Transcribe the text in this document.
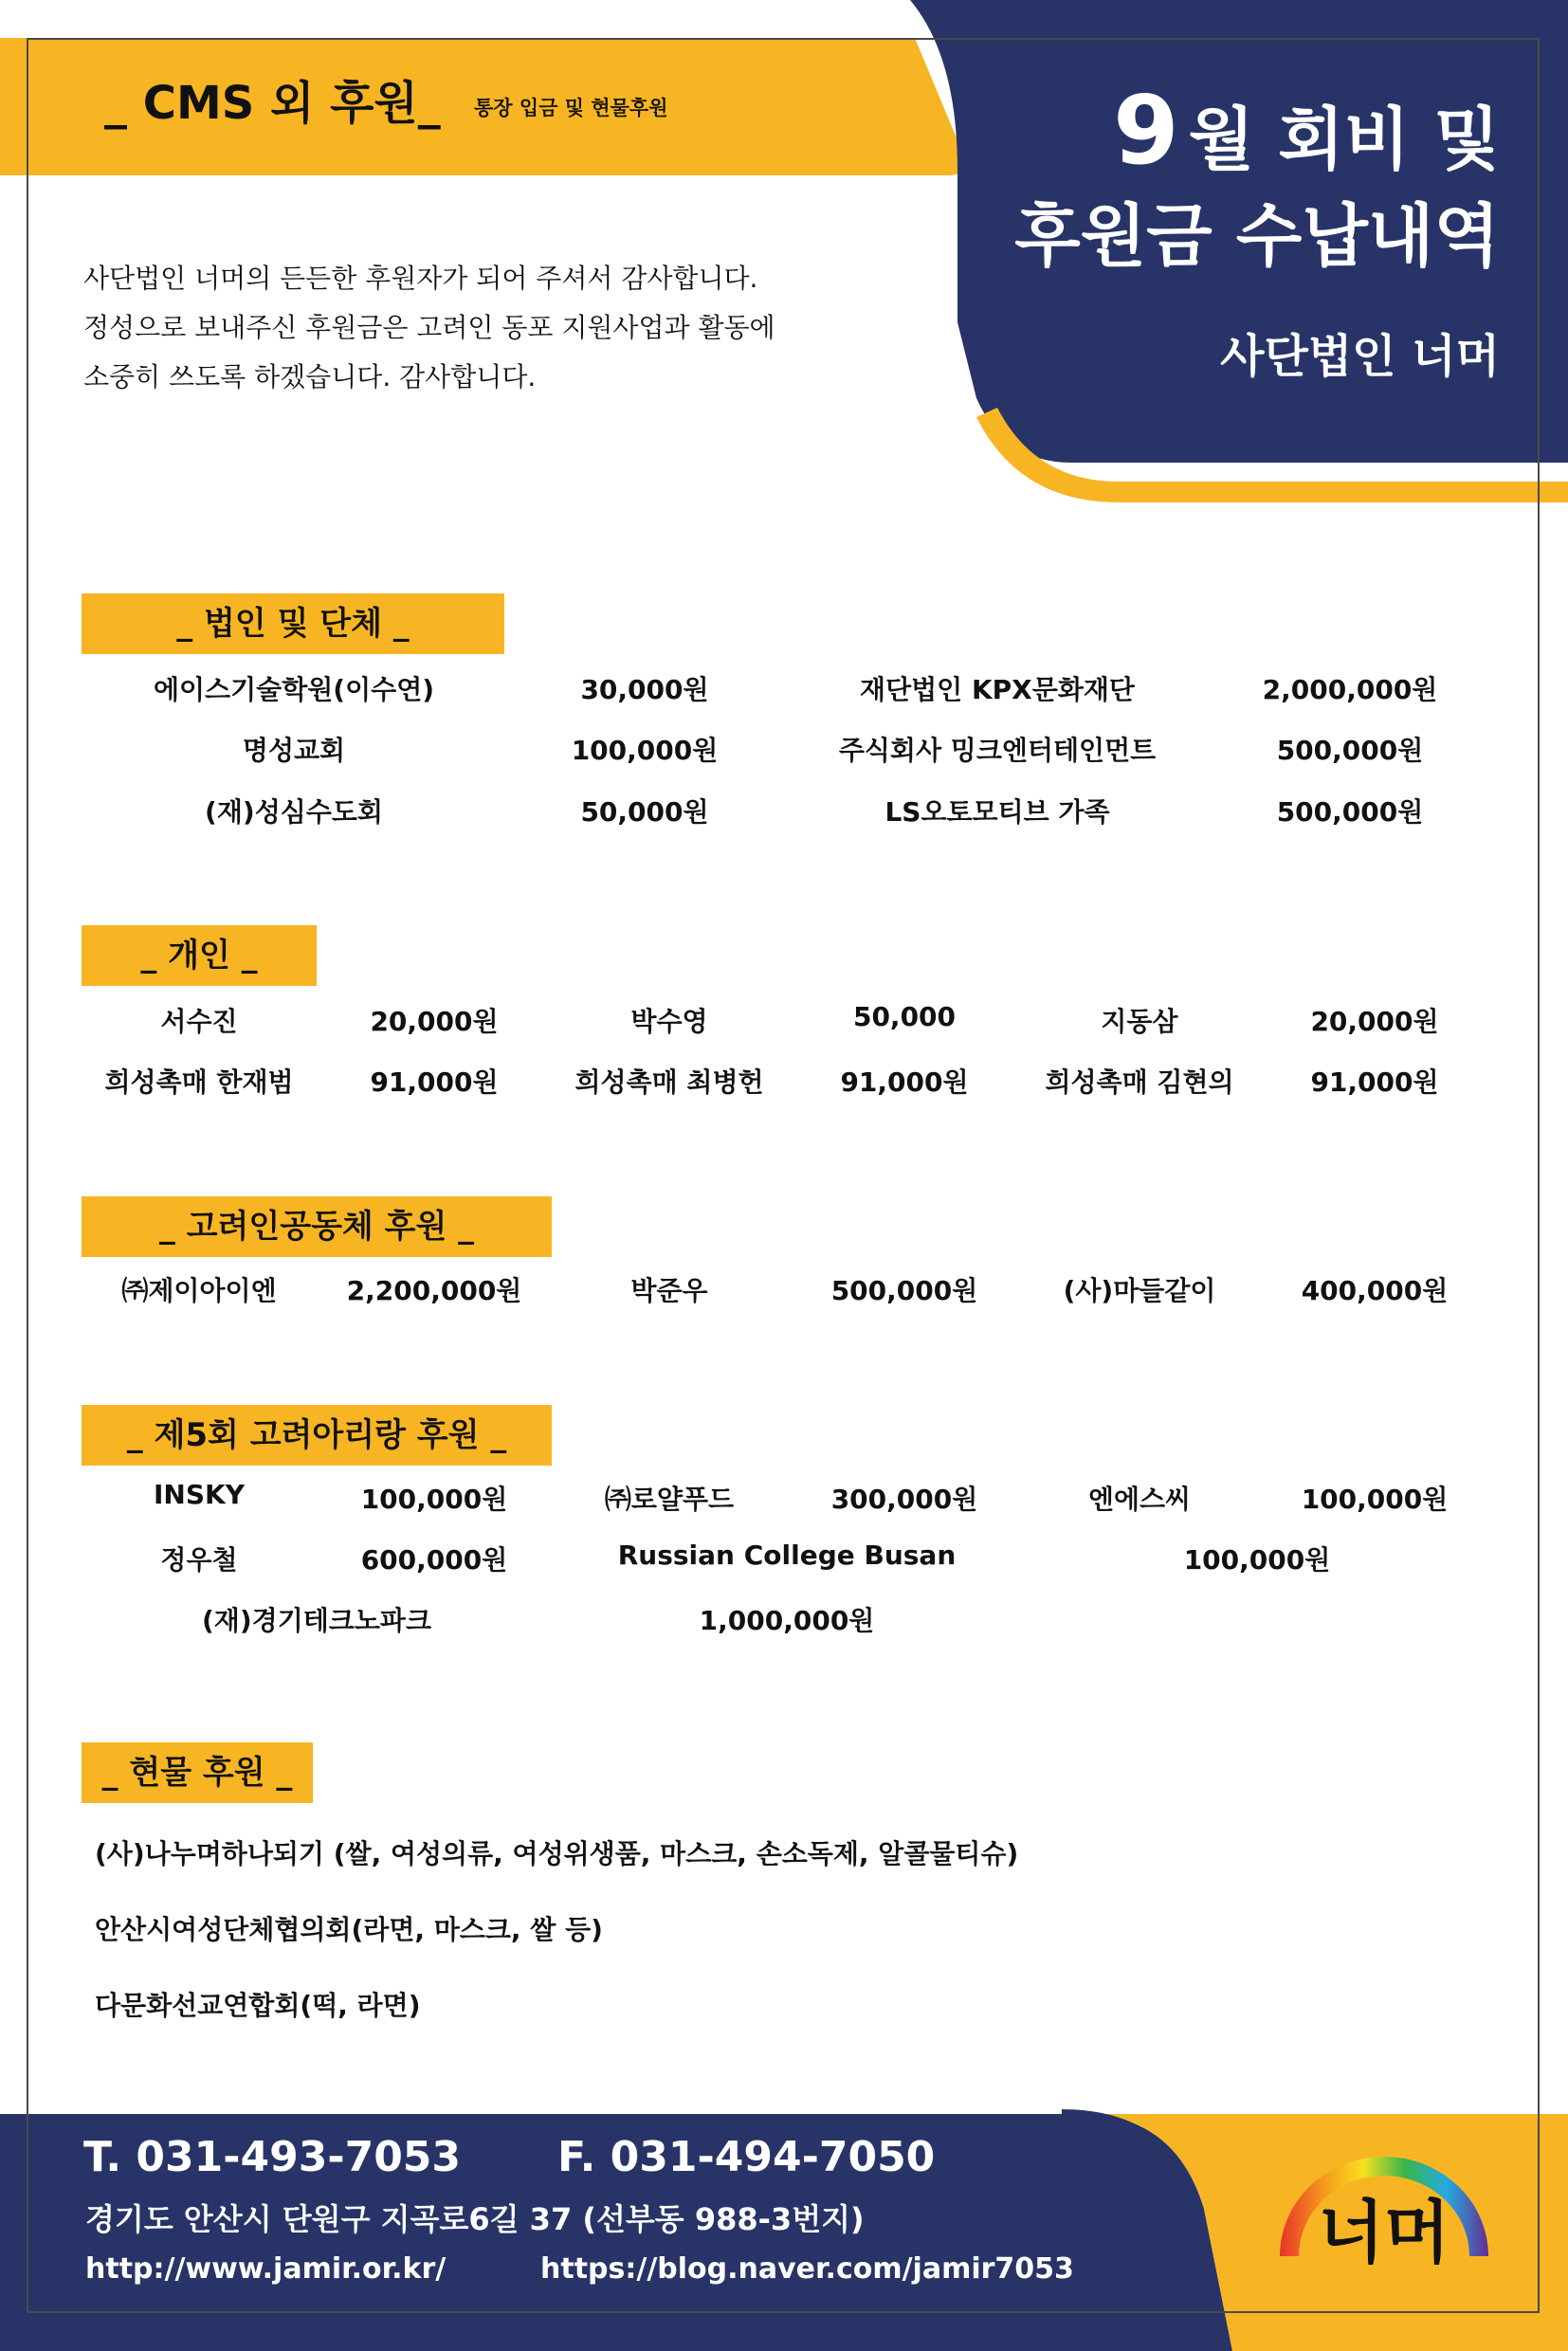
_ CMS 외 후원_ 통장 입금 및 현물후원
사단법인 너머의 든든한 후원자가 되어 주셔서 감사합니다.
정성으로 보내주신 후원금은 고려인 동포 지원사업과 활동에
소중히 쓰도록 하겠습니다. 감사합니다.
9 월 회비 및
후원금 수납내역
사단법인 너머
_ 법인 및 단체 _
에이스기술학원(이수연)	30,000원	재단법인 KPX문화재단	2,000,000원
명성교회	100,000원	주식회사 밍크엔터테인먼트	500,000원
(재)성심수도회	50,000원	LS오토모티브 가족	500,000원
_ 개인 _
서수진	20,000원	박수영	50,000	지동삼	20,000원
희성촉매 한재범	91,000원	희성촉매 최병헌	91,000원	희성촉매 김현의	91,000원
_ 고려인공동체 후원 _
㈜제이아이엔	2,200,000원	박준우	500,000원	(사)마들같이	400,000원
_ 제5회 고려아리랑 후원 _
INSKY	100,000원	㈜로얄푸드	300,000원	엔에스씨	100,000원
정우철	600,000원	Russian College Busan	100,000원
(재)경기테크노파크	1,000,000원
_ 현물 후원 _
(사)나누며하나되기 (쌀, 여성의류, 여성위생품, 마스크, 손소독제, 알콜물티슈)
안산시여성단체협의회(라면, 마스크, 쌀 등)
다문화선교연합회(떡, 라면)
T. 031-493-7053 F. 031-494-7050
경기도 안산시 단원구 지곡로6길 37 (선부동 988-3번지)
http://www.jamir.or.kr/	https://blog.naver.com/jamir7053	너머
